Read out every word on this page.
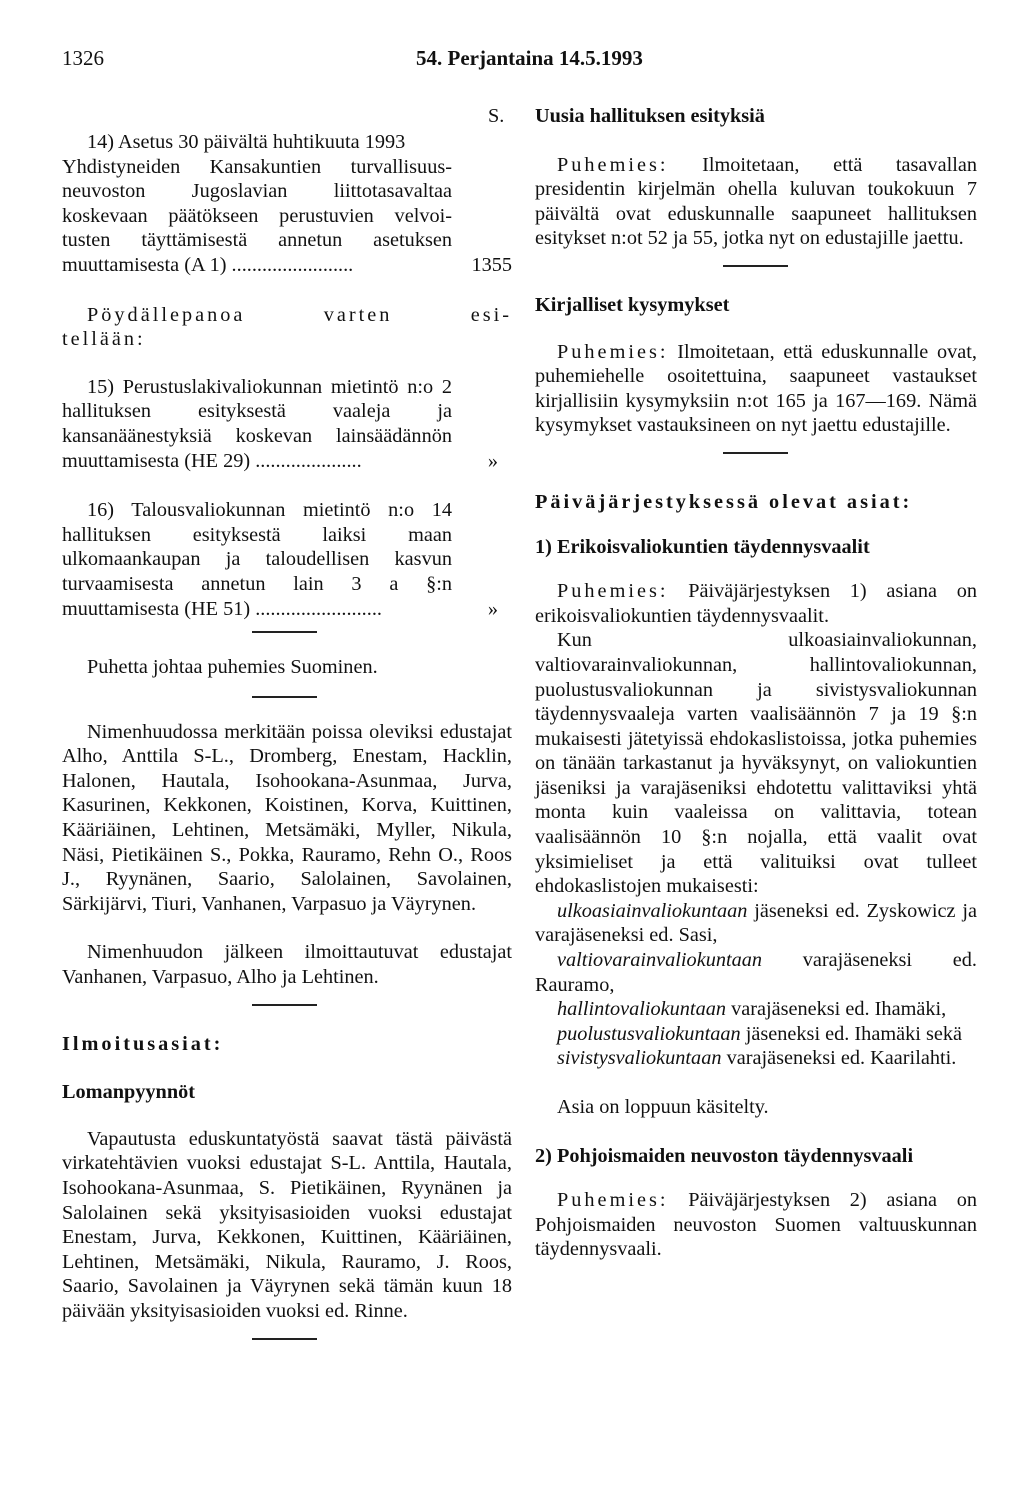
1326	54. Perjantaina 14.5.1993
14) Asetus 30 päivältä huhtikuuta 1993
Yhdistyneiden Kansakuntien turvallisuus-
neuvoston Jugoslavian liittotasavaltaa
koskevaan päätökseen perustuvien velvoi-
tusten täyttämisestä annetun asetuksen
muuttamisesta (A 1) ........................	1355
Pöydällepanoa varten esi-
tellään:
15) Perustuslakivaliokunnan mietintö n:o 2 hallituksen esityksestä vaaleja ja kansanäänestyksiä koskevan lainsäädännön muuttamisesta (HE 29) .....................	»
16) Talousvaliokunnan mietintö n:o 14 hallituksen esityksestä laiksi maan ulkomaankaupan ja taloudellisen kasvun turvaamisesta annetun lain 3 a §:n muuttamisesta (HE 51) .........................	»
Puhetta johtaa puhemies Suominen.
Nimenhuudossa merkitään poissa oleviksi edustajat Alho, Anttila S-L., Dromberg, Enestam, Hacklin, Halonen, Hautala, Isohookana-Asunmaa, Jurva, Kasurinen, Kekkonen, Koistinen, Korva, Kuittinen, Kääriäinen, Lehtinen, Metsämäki, Myller, Nikula, Näsi, Pietikäinen S., Pokka, Rauramo, Rehn O., Roos J., Ryynänen, Saario, Salolainen, Savolainen, Särkijärvi, Tiuri, Vanhanen, Varpasuo ja Väyrynen.
Nimenhuudon jälkeen ilmoittautuvat edustajat Vanhanen, Varpasuo, Alho ja Lehtinen.
Ilmoitusasiat:
Lomanpyynnöt
Vapautusta eduskuntatyöstä saavat tästä päivästä virkatehtävien vuoksi edustajat S-L. Anttila, Hautala, Isohookana-Asunmaa, S. Pietikäinen, Ryynänen ja Salolainen sekä yksityisasioiden vuoksi edustajat Enestam, Jurva, Kekkonen, Kuittinen, Kääriäinen, Lehtinen, Metsämäki, Nikula, Rauramo, J. Roos, Saario, Savolainen ja Väyrynen sekä tämän kuun 18 päivään yksityisasioiden vuoksi ed. Rinne.
S. Uusia hallituksen esityksiä
Puhemies: Ilmoitetaan, että tasavallan presidentin kirjelmän ohella kuluvan toukokuun 7 päivältä ovat eduskunnalle saapuneet hallituksen esitykset n:ot 52 ja 55, jotka nyt on edustajille jaettu.
Kirjalliset kysymykset
Puhemies: Ilmoitetaan, että eduskunnalle ovat, puhemiehelle osoitettuina, saapuneet vastaukset kirjallisiin kysymyksiin n:ot 165 ja 167—169. Nämä kysymykset vastauksineen on nyt jaettu edustajille.
Päiväjärjestyksessä olevat asiat:
1) Erikoisvaliokuntien täydennysvaalit
Puhemies: Päiväjärjestyksen 1) asiana on erikoisvaliokuntien täydennysvaalit.
Kun ulkoasiainvaliokunnan, valtiovarainvaliokunnan, hallintovaliokunnan, puolustusvaliokunnan ja sivistysvaliokunnan täydennysvaaleja varten vaalisäännön 7 ja 19 §:n mukaisesti jätetyissä ehdokaslistoissa, jotka puhemies on tänään tarkastanut ja hyväksynyt, on valiokuntien jäseniksi ja varajäseniksi ehdotettu valittaviksi yhtä monta kuin vaaleissa on valittavia, totean vaalisäännön 10 §:n nojalla, että vaalit ovat yksimieliset ja että valituiksi ovat tulleet ehdokaslistojen mukaisesti:
ulkoasiainvaliokuntaan jäseneksi ed. Zyskowicz ja varajäseneksi ed. Sasi,
valtiovarainvaliokuntaan varajäseneksi ed. Rauramo,
hallintovaliokuntaan varajäseneksi ed. Ihamäki,
puolustusvaliokuntaan jäseneksi ed. Ihamäki sekä
sivistysvaliokuntaan varajäseneksi ed. Kaarilahti.
Asia on loppuun käsitelty.
2) Pohjoismaiden neuvoston täydennysvaali
Puhemies: Päiväjärjestyksen 2) asiana on Pohjoismaiden neuvoston Suomen valtuuskunnan täydennysvaali.
